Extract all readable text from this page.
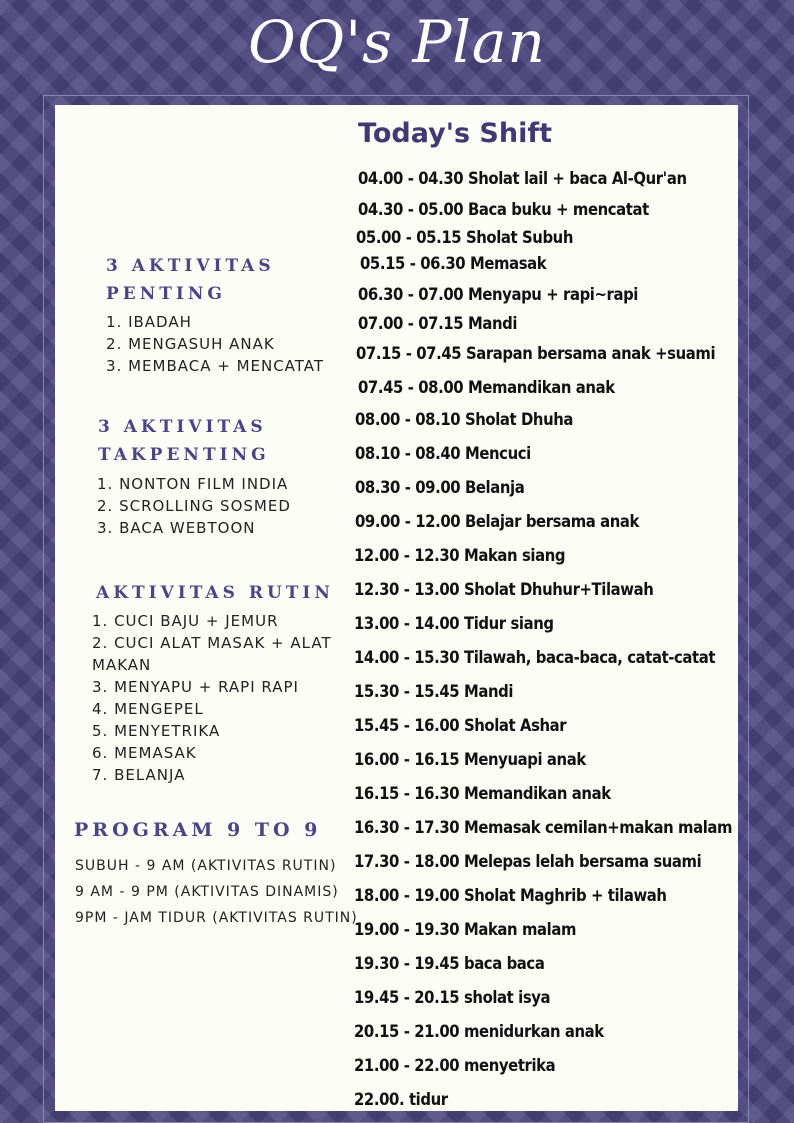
OQ's Plan
Today's Shift
04.00 - 04.30 Sholat lail + baca Al-Qur'an
04.30 - 05.00 Baca buku + mencatat
05.00 - 05.15 Sholat Subuh
05.15 - 06.30 Memasak
06.30 - 07.00 Menyapu + rapi~rapi
07.00 - 07.15 Mandi
07.15 - 07.45 Sarapan bersama anak +suami
07.45 - 08.00 Memandikan anak
08.00 - 08.10 Sholat Dhuha
08.10 - 08.40 Mencuci
08.30 - 09.00 Belanja
09.00 - 12.00 Belajar bersama anak
12.00 - 12.30 Makan siang
12.30 - 13.00 Sholat Dhuhur+Tilawah
13.00 - 14.00 Tidur siang
14.00 - 15.30 Tilawah, baca-baca, catat-catat
15.30 - 15.45 Mandi
15.45 - 16.00 Sholat Ashar
16.00 - 16.15 Menyuapi anak
16.15 - 16.30 Memandikan anak
16.30 - 17.30 Memasak cemilan+makan malam
17.30 - 18.00 Melepas lelah bersama suami
18.00 - 19.00 Sholat Maghrib + tilawah
19.00 - 19.30 Makan malam
19.30 - 19.45 baca baca
19.45 - 20.15 sholat isya
20.15 - 21.00 menidurkan anak
21.00 - 22.00 menyetrika
22.00. tidur
3 AKTIVITAS PENTING
1. IBADAH
2. MENGASUH ANAK
3. MEMBACA + MENCATAT
3 AKTIVITAS TAKPENTING
1. NONTON FILM INDIA
2. SCROLLING SOSMED
3. BACA WEBTOON
AKTIVITAS RUTIN
1. CUCI BAJU + JEMUR
2. CUCI ALAT MASAK + ALAT MAKAN
3. MENYAPU + RAPI RAPI
4. MENGEPEL
5. MENYETRIKA
6. MEMASAK
7. BELANJA
PROGRAM 9 TO 9
SUBUH - 9 AM (AKTIVITAS RUTIN)
9 AM - 9 PM (AKTIVITAS DINAMIS)
9PM - JAM TIDUR (AKTIVITAS RUTIN)
